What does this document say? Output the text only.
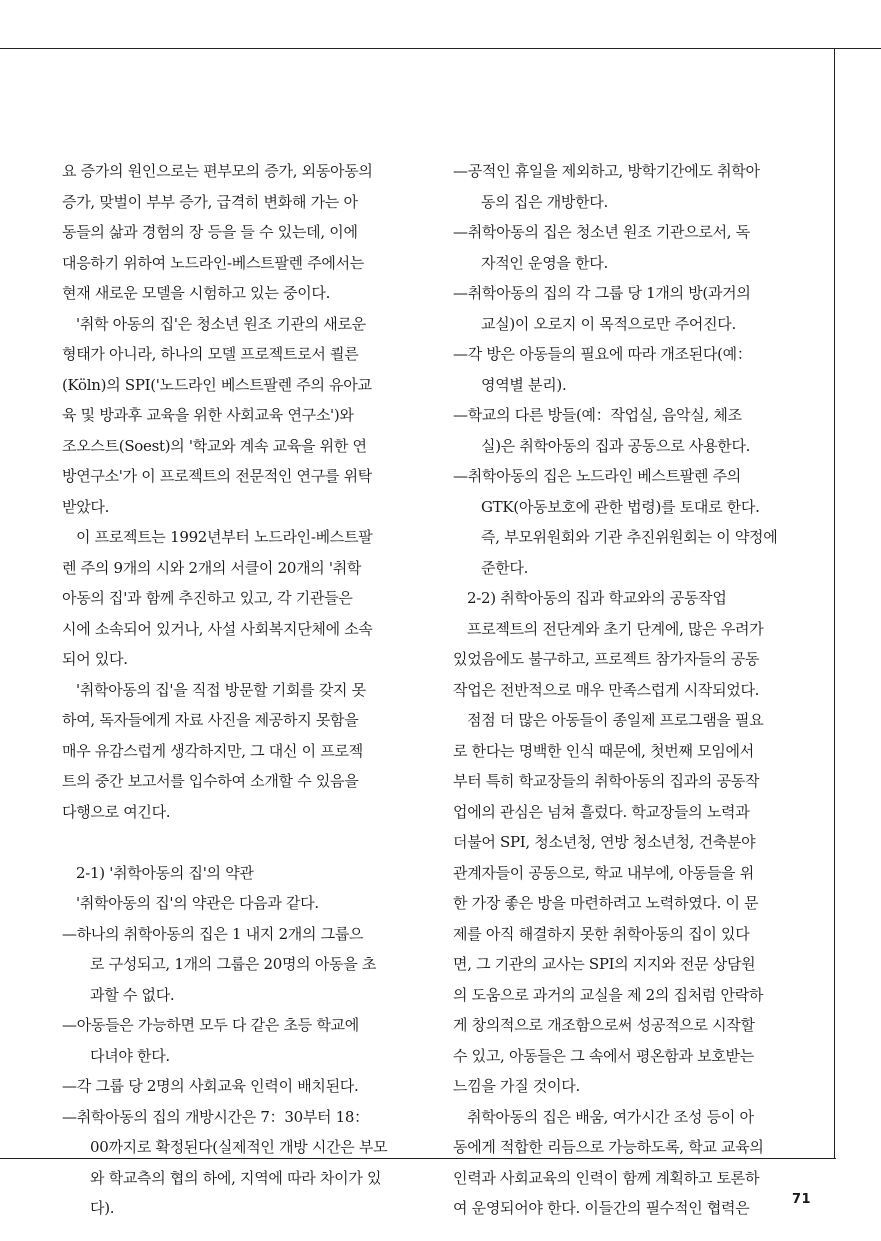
요 증가의 원인으로는 편부모의 증가, 외동아동의
증가, 맞벌이 부부 증가, 급격히 변화해 가는 아
동들의 삶과 경험의 장 등을 들 수 있는데, 이에
대응하기 위하여 노드라인-베스트팔렌 주에서는
현재 새로운 모델을 시험하고 있는 중이다.
'취학 아동의 집'은 청소년 원조 기관의 새로운
형태가 아니라, 하나의 모델 프로젝트로서 쾰른
(Köln)의 SPI('노드라인 베스트팔렌 주의 유아교
육 및 방과후 교육을 위한 사회교육 연구소')와
조오스트(Soest)의 '학교와 계속 교육을 위한 연
방연구소'가 이 프로젝트의 전문적인 연구를 위탁
받았다.
이 프로젝트는 1992년부터 노드라인-베스트팔
렌 주의 9개의 시와 2개의 서클이 20개의 '취학
아동의 집'과 함께 추진하고 있고, 각 기관들은
시에 소속되어 있거나, 사설 사회복지단체에 소속
되어 있다.
'취학아동의 집'을 직접 방문할 기회를 갖지 못
하여, 독자들에게 자료 사진을 제공하지 못함을
매우 유감스럽게 생각하지만, 그 대신 이 프로젝
트의 중간 보고서를 입수하여 소개할 수 있음을
다행으로 여긴다.
2-1) '취학아동의 집'의 약관
'취학아동의 집'의 약관은 다음과 같다.
—하나의 취학아동의 집은 1 내지 2개의 그룹으
로 구성되고, 1개의 그룹은 20명의 아동을 초
과할 수 없다.
—아동들은 가능하면 모두 다 같은 초등 학교에
다녀야 한다.
—각 그룹 당 2명의 사회교육 인력이 배치된다.
—취학아동의 집의 개방시간은 7：30부터 18：
00까지로 확정된다(실제적인 개방 시간은 부모
와 학교측의 협의 하에, 지역에 따라 차이가 있
다).
—공적인 휴일을 제외하고, 방학기간에도 취학아
동의 집은 개방한다.
—취학아동의 집은 청소년 원조 기관으로서, 독
자적인 운영을 한다.
—취학아동의 집의 각 그룹 당 1개의 방(과거의
교실)이 오로지 이 목적으로만 주어진다.
—각 방은 아동들의 필요에 따라 개조된다(예：
영역별 분리).
—학교의 다른 방들(예：작업실, 음악실, 체조
실)은 취학아동의 집과 공동으로 사용한다.
—취학아동의 집은 노드라인 베스트팔렌 주의
GTK(아동보호에 관한 법령)를 토대로 한다.
즉, 부모위원회와 기관 추진위원회는 이 약정에
준한다.
2-2) 취학아동의 집과 학교와의 공동작업
프로젝트의 전단계와 초기 단계에, 많은 우려가
있었음에도 불구하고, 프로젝트 참가자들의 공동
작업은 전반적으로 매우 만족스럽게 시작되었다.
점점 더 많은 아동들이 종일제 프로그램을 필요
로 한다는 명백한 인식 때문에, 첫번째 모임에서
부터 특히 학교장들의 취학아동의 집과의 공동작
업에의 관심은 넘쳐 흘렀다. 학교장들의 노력과
더불어 SPI, 청소년청, 연방 청소년청, 건축분야
관계자들이 공동으로, 학교 내부에, 아동들을 위
한 가장 좋은 방을 마련하려고 노력하였다. 이 문
제를 아직 해결하지 못한 취학아동의 집이 있다
면, 그 기관의 교사는 SPI의 지지와 전문 상담원
의 도움으로 과거의 교실을 제 2의 집처럼 안락하
게 창의적으로 개조함으로써 성공적으로 시작할
수 있고, 아동들은 그 속에서 평온함과 보호받는
느낌을 가질 것이다.
취학아동의 집은 배움, 여가시간 조성 등이 아
동에게 적합한 리듬으로 가능하도록, 학교 교육의
인력과 사회교육의 인력이 함께 계획하고 토론하
여 운영되어야 한다. 이들간의 필수적인 협력은	71
